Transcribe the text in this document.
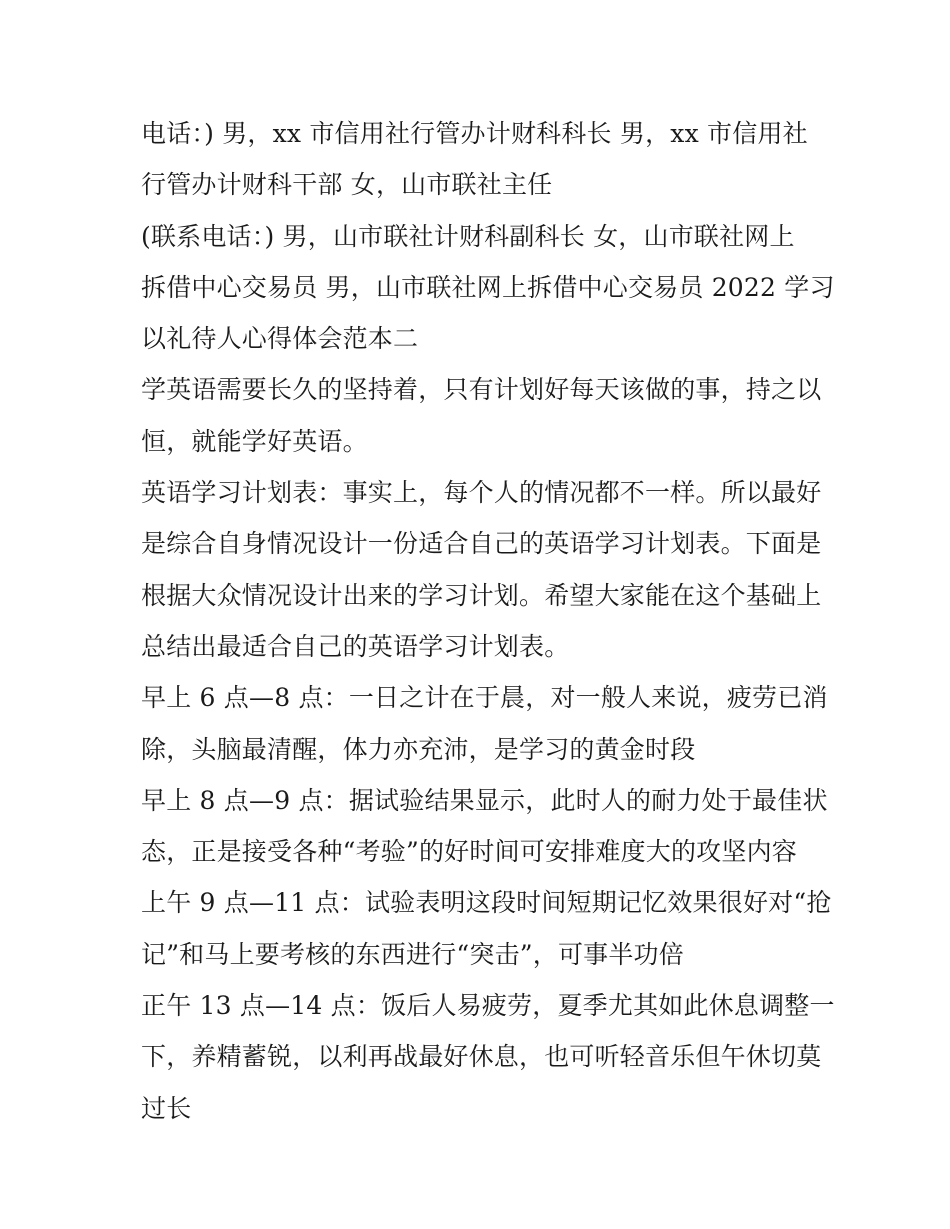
电话：) 男，xx 市信用社行管办计财科科长 男，xx 市信用社
行管办计财科干部 女，山市联社主任
(联系电话：) 男，山市联社计财科副科长 女，山市联社网上
拆借中心交易员 男，山市联社网上拆借中心交易员 2022 学习
以礼待人心得体会范本二
学英语需要长久的坚持着，只有计划好每天该做的事，持之以
恒，就能学好英语。
英语学习计划表：事实上，每个人的情况都不一样。所以最好
是综合自身情况设计一份适合自己的英语学习计划表。下面是
根据大众情况设计出来的学习计划。希望大家能在这个基础上
总结出最适合自己的英语学习计划表。
早上 6 点—8 点：一日之计在于晨，对一般人来说，疲劳已消
除，头脑最清醒，体力亦充沛，是学习的黄金时段
早上 8 点—9 点：据试验结果显示，此时人的耐力处于最佳状
态，正是接受各种“考验”的好时间可安排难度大的攻坚内容
上午 9 点—11 点：试验表明这段时间短期记忆效果很好对“抢
记”和马上要考核的东西进行“突击”，可事半功倍
正午 13 点—14 点：饭后人易疲劳，夏季尤其如此休息调整一
下，养精蓄锐，以利再战最好休息，也可听轻音乐但午休切莫
过长
